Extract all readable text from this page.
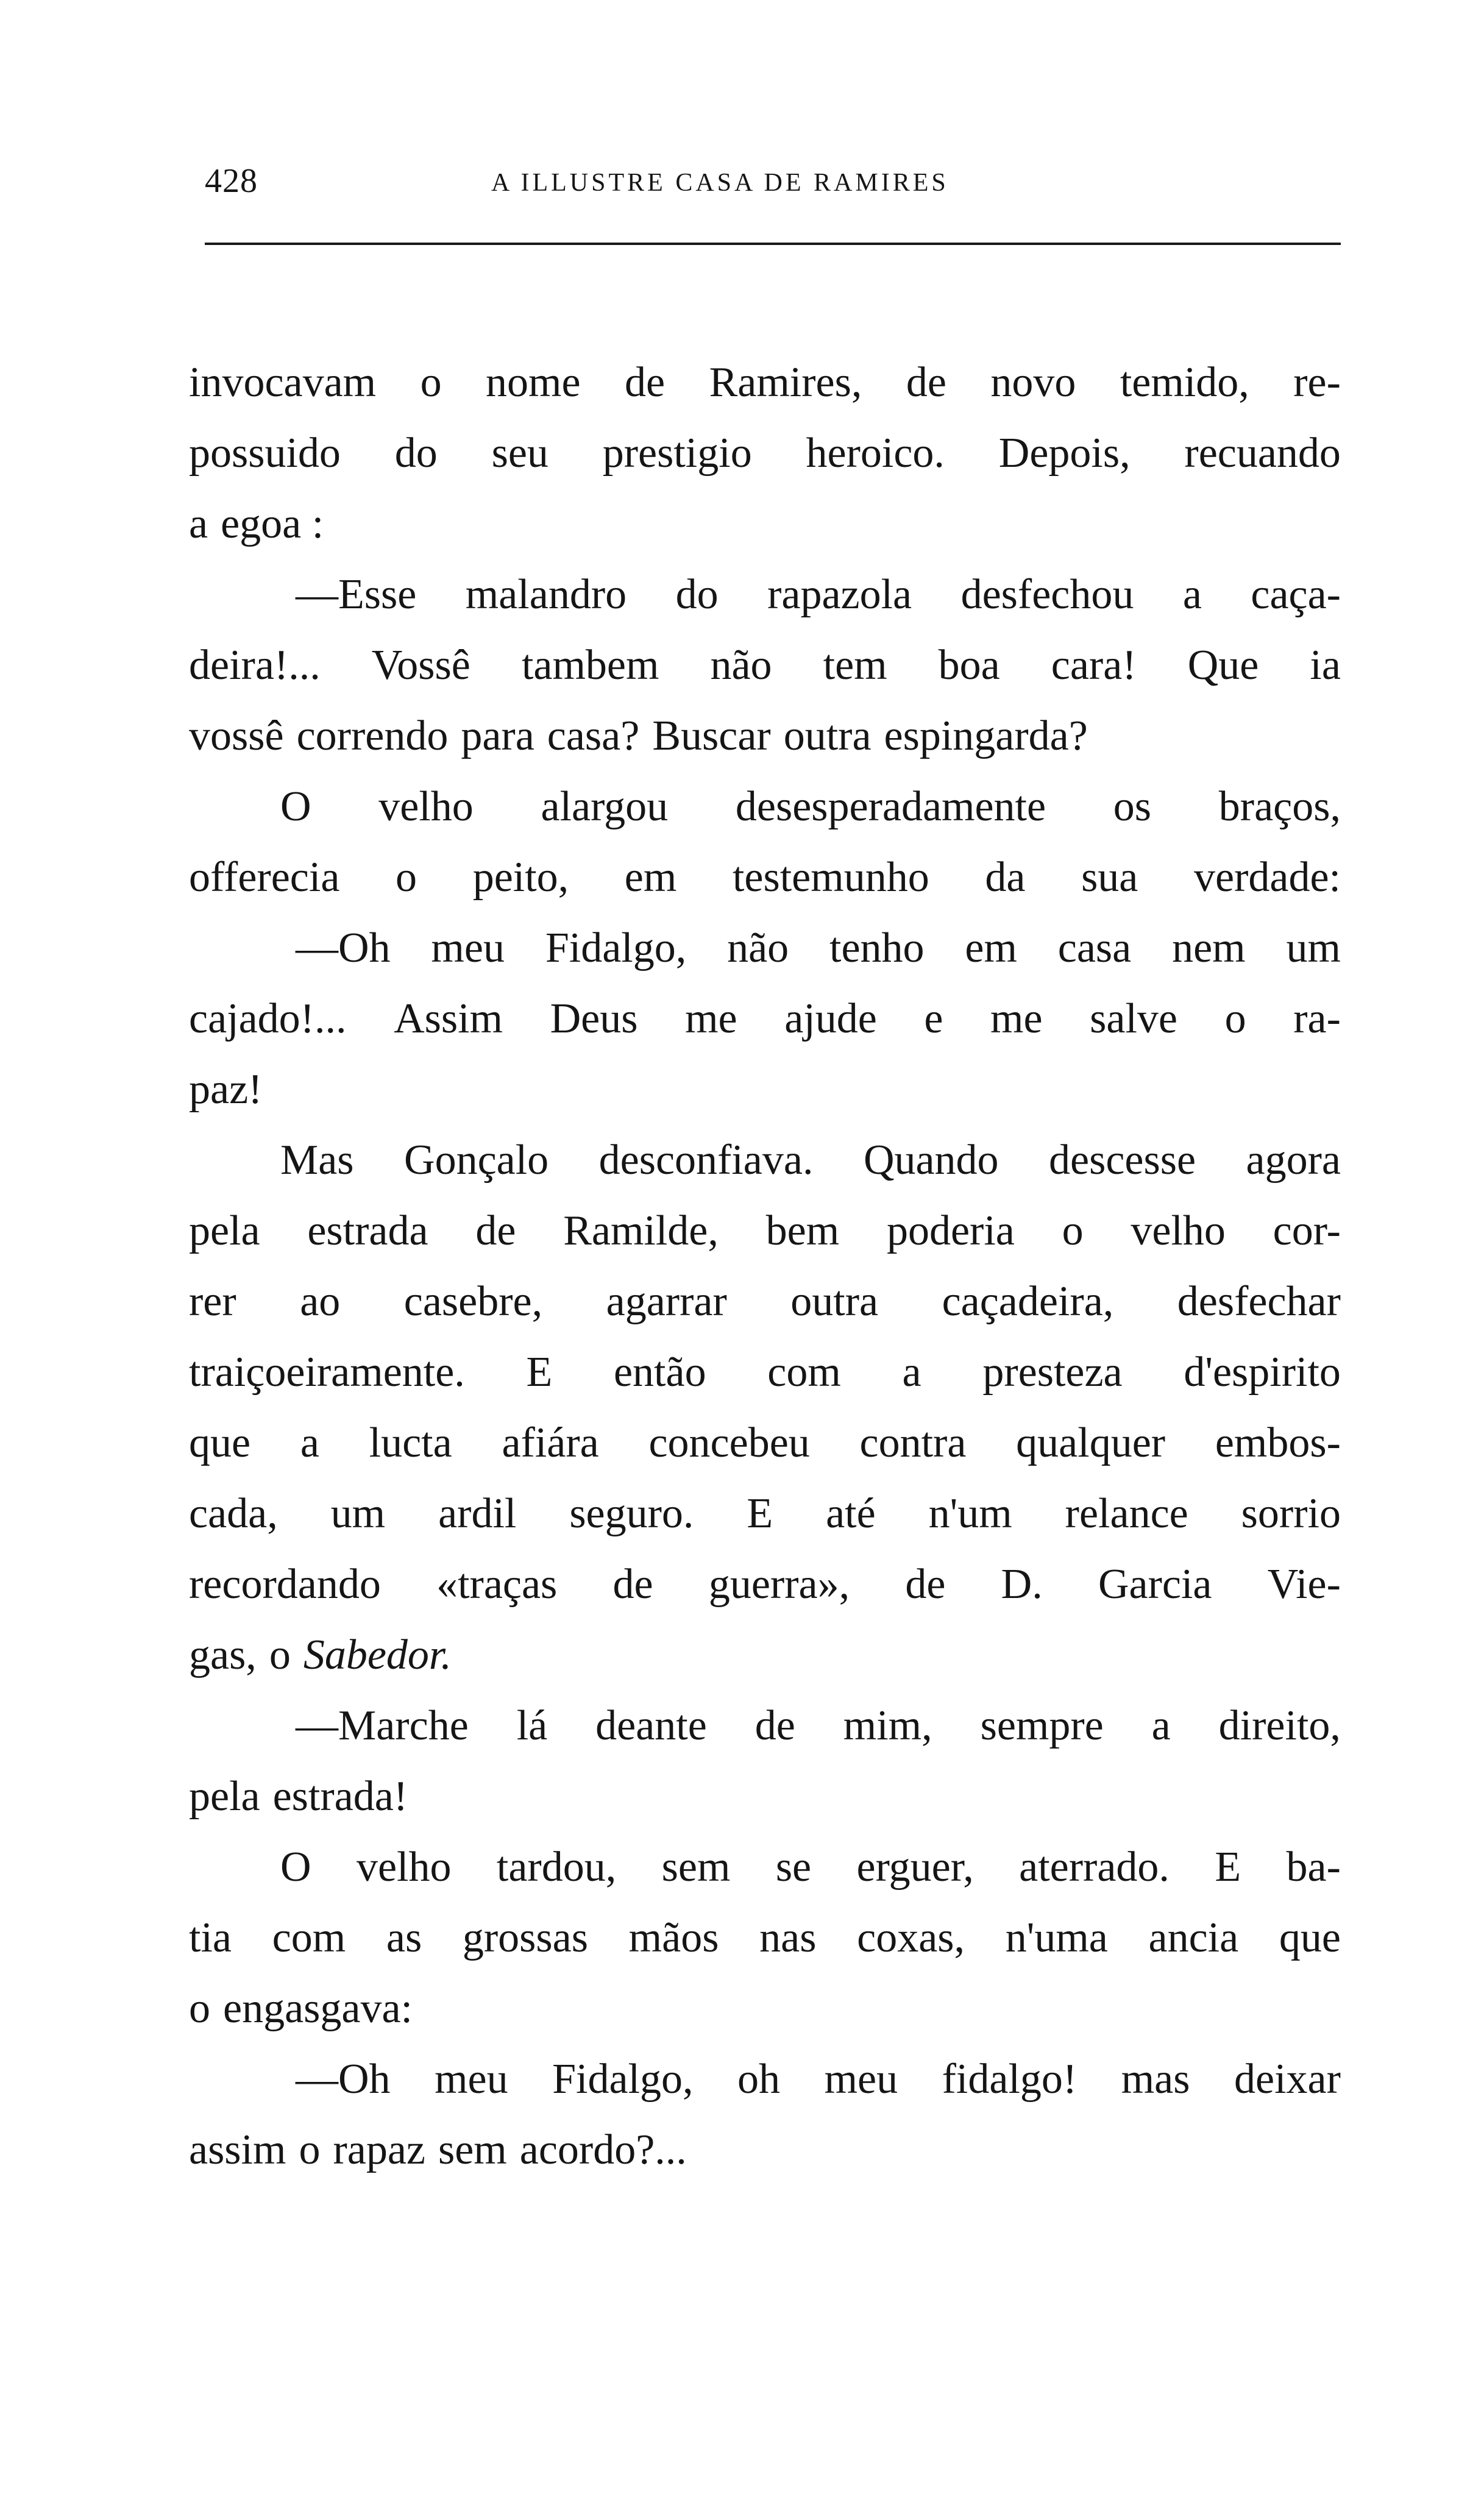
428	A ILLUSTRE CASA DE RAMIRES
invocavam o nome de Ramires, de novo temido, re-
possuido do seu prestigio heroico. Depois, recuando
a egoa :
—Esse malandro do rapazola desfechou a caça-
deira!... Vossê tambem não tem boa cara! Que ia
vossê correndo para casa? Buscar outra espingarda?
O velho alargou desesperadamente os braços,
offerecia o peito, em testemunho da sua verdade:
—Oh meu Fidalgo, não tenho em casa nem um
cajado!... Assim Deus me ajude e me salve o ra-
paz!
Mas Gonçalo desconfiava. Quando descesse agora
pela estrada de Ramilde, bem poderia o velho cor-
rer ao casebre, agarrar outra caçadeira, desfechar
traiçoeiramente. E então com a presteza d'espirito
que a lucta afiára concebeu contra qualquer embos-
cada, um ardil seguro. E até n'um relance sorrio
recordando «traças de guerra», de D. Garcia Vie-
gas, o Sabedor.
—Marche lá deante de mim, sempre a direito,
pela estrada!
O velho tardou, sem se erguer, aterrado. E ba-
tia com as grossas mãos nas coxas, n'uma ancia que
o engasgava:
—Oh meu Fidalgo, oh meu fidalgo! mas deixar
assim o rapaz sem acordo?...
